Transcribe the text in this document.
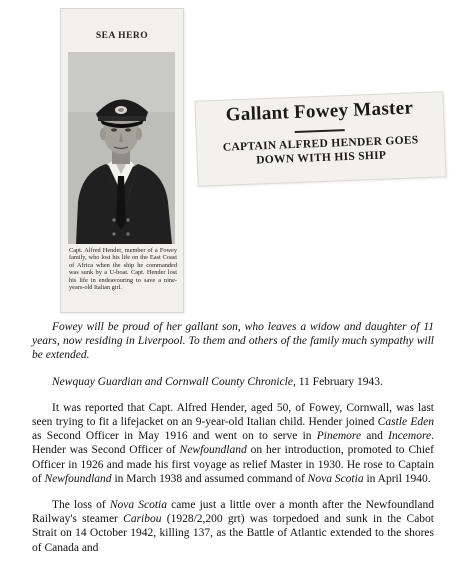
SEA HERO
Capt. Alfred Hender, member of a Fowey family, who lost his life on the East Coast of Africa when the ship he commanded was sunk by a U-boat. Capt. Hender lost his life in endeavouring to save a nine-years-old Italian girl.
Gallant Fowey Master
CAPTAIN ALFRED HENDER GOES
DOWN WITH HIS SHIP

Fowey will be proud of her gallant son, who leaves a widow and daughter of 11 years, now residing in Liverpool. To them and others of the family much sympathy will be extended.

Newquay Guardian and Cornwall County Chronicle, 11 February 1943.

It was reported that Capt. Alfred Hender, aged 50, of Fowey, Cornwall, was last seen trying to fit a lifejacket on an 9-year-old Italian child. Hender joined Castle Eden as Second Officer in May 1916 and went on to serve in Pinemore and Incemore. Hender was Second Officer of Newfoundland on her introduction, promoted to Chief Officer in 1926 and made his first voyage as relief Master in 1930. He rose to Captain of Newfoundland in March 1938 and assumed command of Nova Scotia in April 1940.

The loss of Nova Scotia came just a little over a month after the Newfoundland Railway's steamer Caribou (1928/2,200 grt) was torpedoed and sunk in the Cabot Strait on 14 October 1942, killing 137, as the Battle of Atlantic extended to the shores of Canada and
